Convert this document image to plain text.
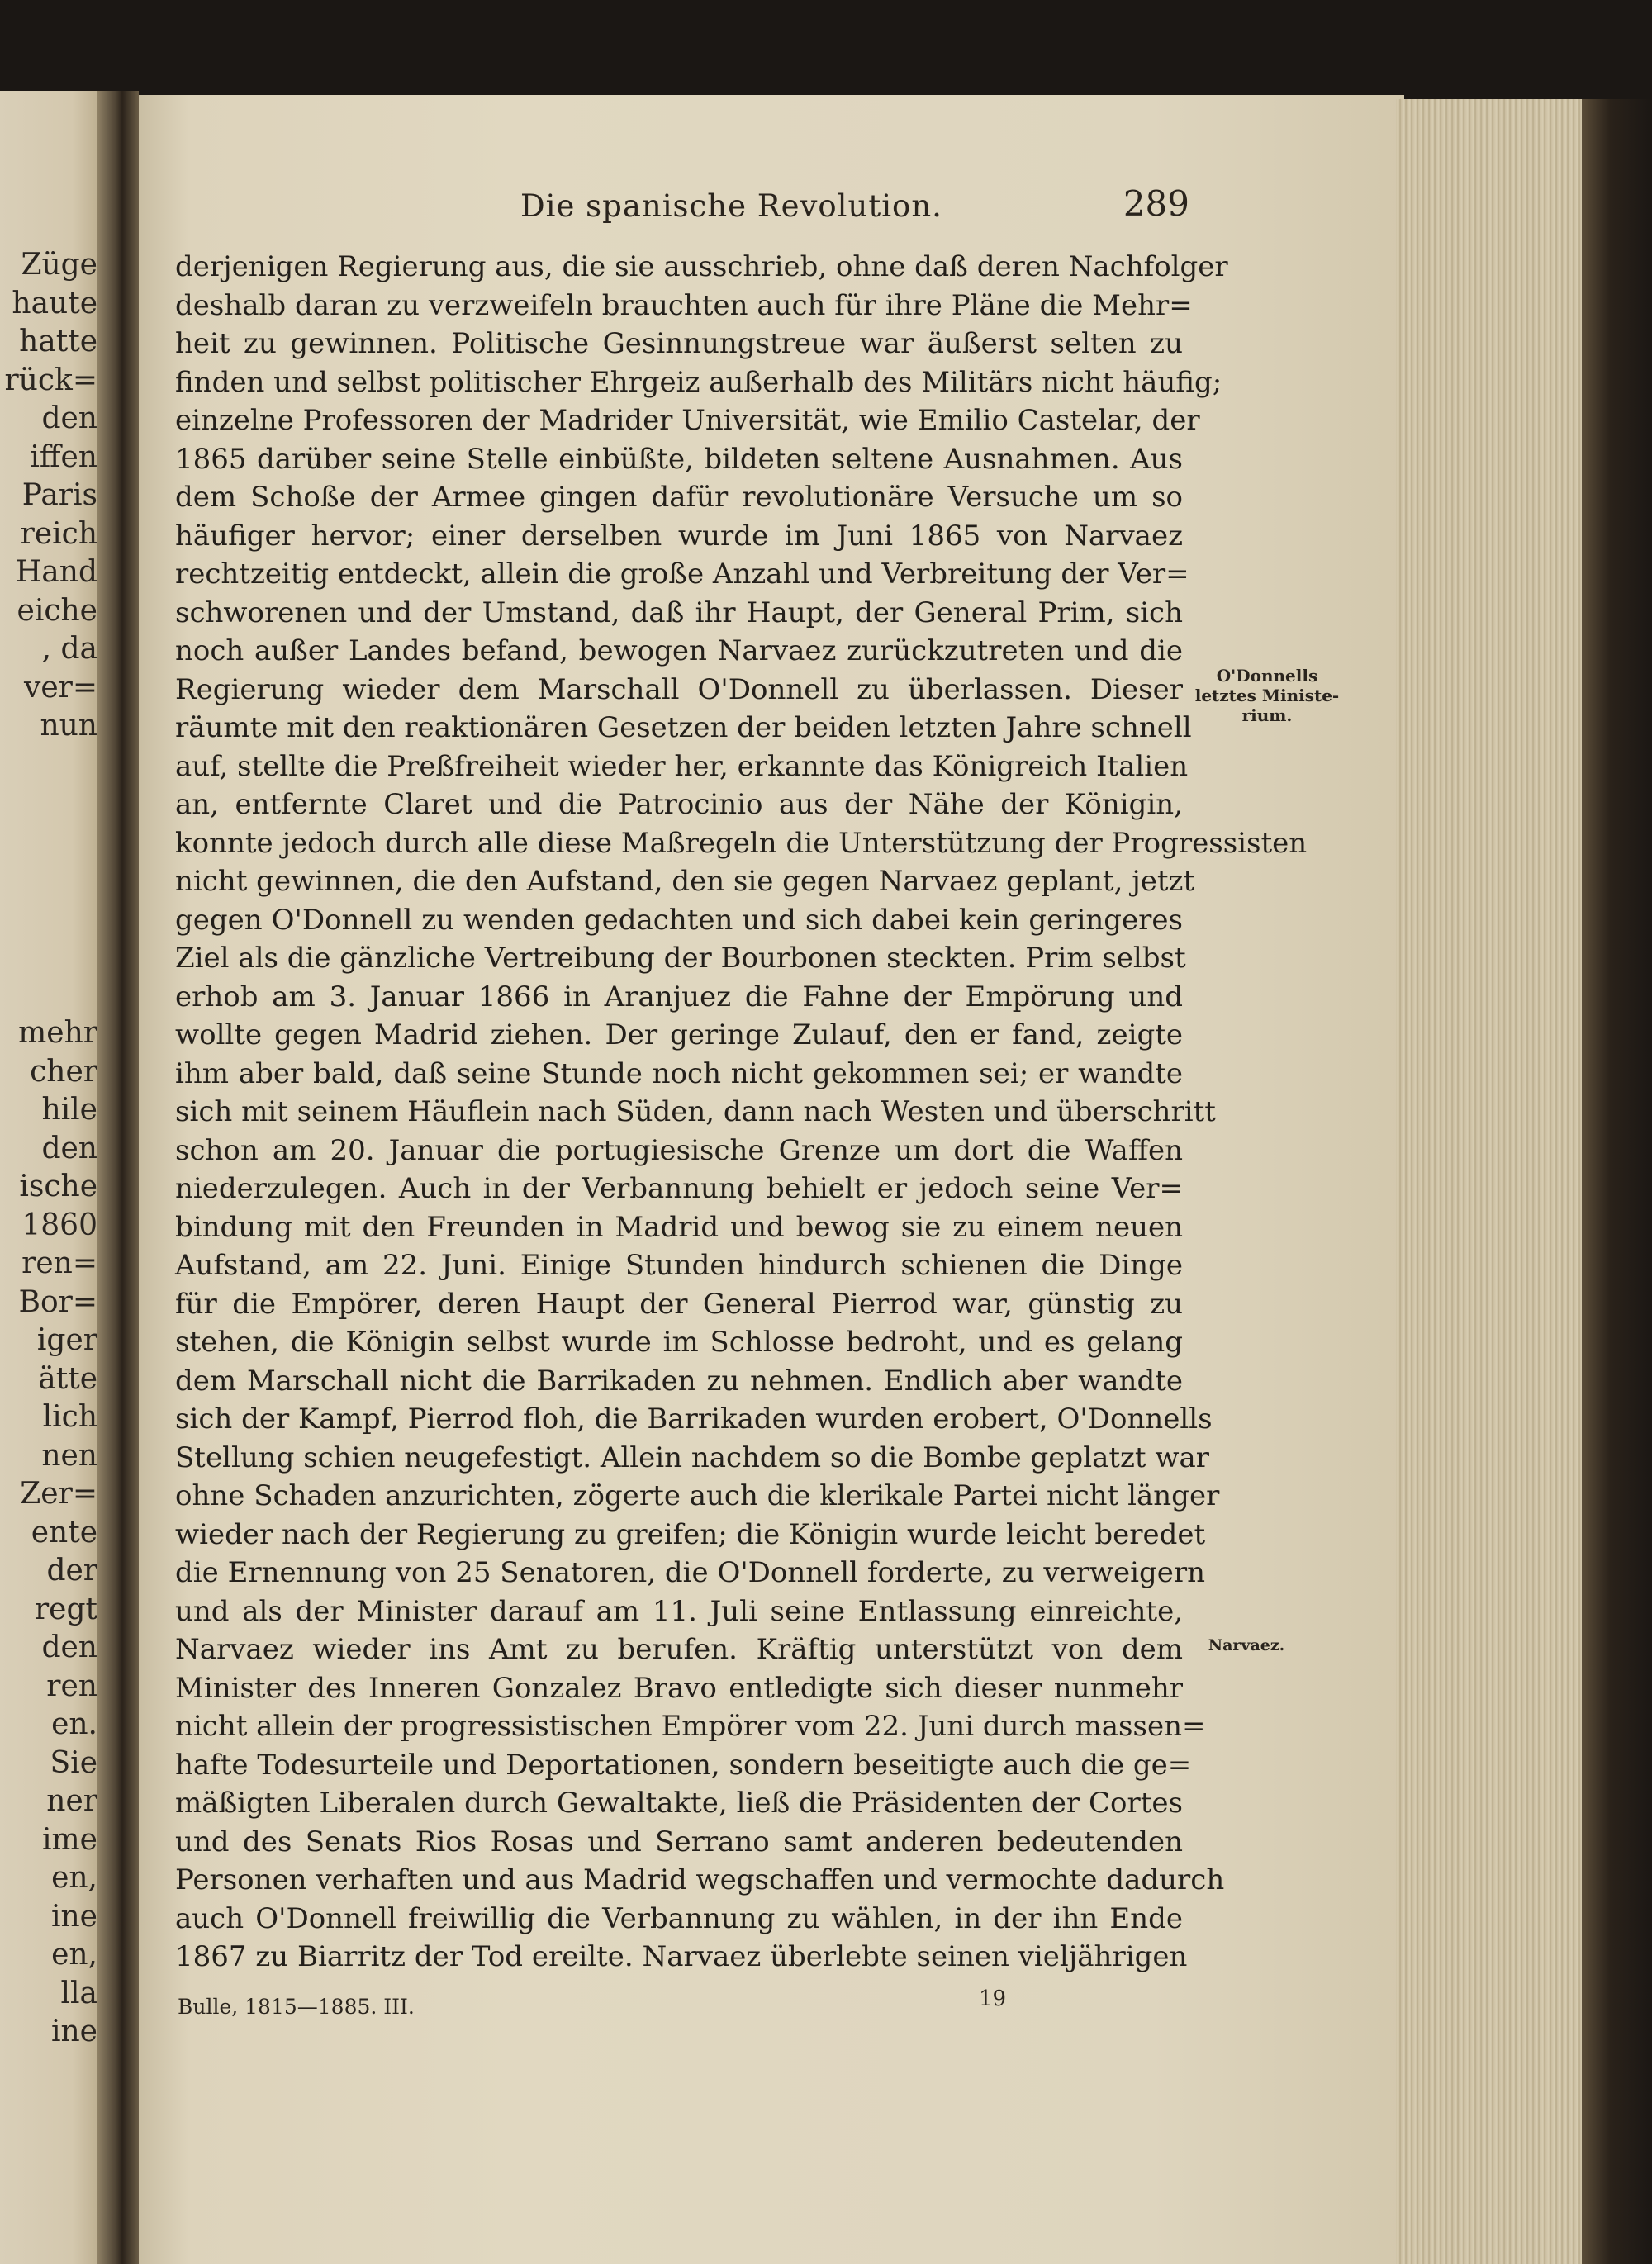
Züge
haute
hatte
rück=
den
iffen
Paris
reich
Hand
eiche
, da
ver=
nun
mehr
cher
hile
den
ische
1860
ren=
Bor=
iger
ätte
lich
nen
Zer=
ente
der
regt
den
ren
en.
Sie
ner
ime
en,
ine
en,
lla
ine
Die spanische Revolution.	289
derjenigen Regierung aus, die sie ausschrieb, ohne daß deren Nachfolger
deshalb daran zu verzweifeln brauchten auch für ihre Pläne die Mehr=
heit zu gewinnen. Politische Gesinnungstreue war äußerst selten zu
finden und selbst politischer Ehrgeiz außerhalb des Militärs nicht häufig;
einzelne Professoren der Madrider Universität, wie Emilio Castelar, der
1865 darüber seine Stelle einbüßte, bildeten seltene Ausnahmen. Aus
dem Schoße der Armee gingen dafür revolutionäre Versuche um so
häufiger hervor; einer derselben wurde im Juni 1865 von Narvaez
rechtzeitig entdeckt, allein die große Anzahl und Verbreitung der Ver=
schworenen und der Umstand, daß ihr Haupt, der General Prim, sich
noch außer Landes befand, bewogen Narvaez zurückzutreten und die
Regierung wieder dem Marschall O'Donnell zu überlassen. Dieser
räumte mit den reaktionären Gesetzen der beiden letzten Jahre schnell
auf, stellte die Preßfreiheit wieder her, erkannte das Königreich Italien
an, entfernte Claret und die Patrocinio aus der Nähe der Königin,
konnte jedoch durch alle diese Maßregeln die Unterstützung der Progressisten
nicht gewinnen, die den Aufstand, den sie gegen Narvaez geplant, jetzt
gegen O'Donnell zu wenden gedachten und sich dabei kein geringeres
Ziel als die gänzliche Vertreibung der Bourbonen steckten. Prim selbst
erhob am 3. Januar 1866 in Aranjuez die Fahne der Empörung und
wollte gegen Madrid ziehen. Der geringe Zulauf, den er fand, zeigte
ihm aber bald, daß seine Stunde noch nicht gekommen sei; er wandte
sich mit seinem Häuflein nach Süden, dann nach Westen und überschritt
schon am 20. Januar die portugiesische Grenze um dort die Waffen
niederzulegen. Auch in der Verbannung behielt er jedoch seine Ver=
bindung mit den Freunden in Madrid und bewog sie zu einem neuen
Aufstand, am 22. Juni. Einige Stunden hindurch schienen die Dinge
für die Empörer, deren Haupt der General Pierrod war, günstig zu
stehen, die Königin selbst wurde im Schlosse bedroht, und es gelang
dem Marschall nicht die Barrikaden zu nehmen. Endlich aber wandte
sich der Kampf, Pierrod floh, die Barrikaden wurden erobert, O'Donnells
Stellung schien neugefestigt. Allein nachdem so die Bombe geplatzt war
ohne Schaden anzurichten, zögerte auch die klerikale Partei nicht länger
wieder nach der Regierung zu greifen; die Königin wurde leicht beredet
die Ernennung von 25 Senatoren, die O'Donnell forderte, zu verweigern
und als der Minister darauf am 11. Juli seine Entlassung einreichte,
Narvaez wieder ins Amt zu berufen. Kräftig unterstützt von dem
Minister des Inneren Gonzalez Bravo entledigte sich dieser nunmehr
nicht allein der progressistischen Empörer vom 22. Juni durch massen=
hafte Todesurteile und Deportationen, sondern beseitigte auch die ge=
mäßigten Liberalen durch Gewaltakte, ließ die Präsidenten der Cortes
und des Senats Rios Rosas und Serrano samt anderen bedeutenden
Personen verhaften und aus Madrid wegschaffen und vermochte dadurch
auch O'Donnell freiwillig die Verbannung zu wählen, in der ihn Ende
1867 zu Biarritz der Tod ereilte. Narvaez überlebte seinen vieljährigen
O'Donnells
letztes Ministe-
rium.
Narvaez.
Bulle, 1815—1885. III.	19
